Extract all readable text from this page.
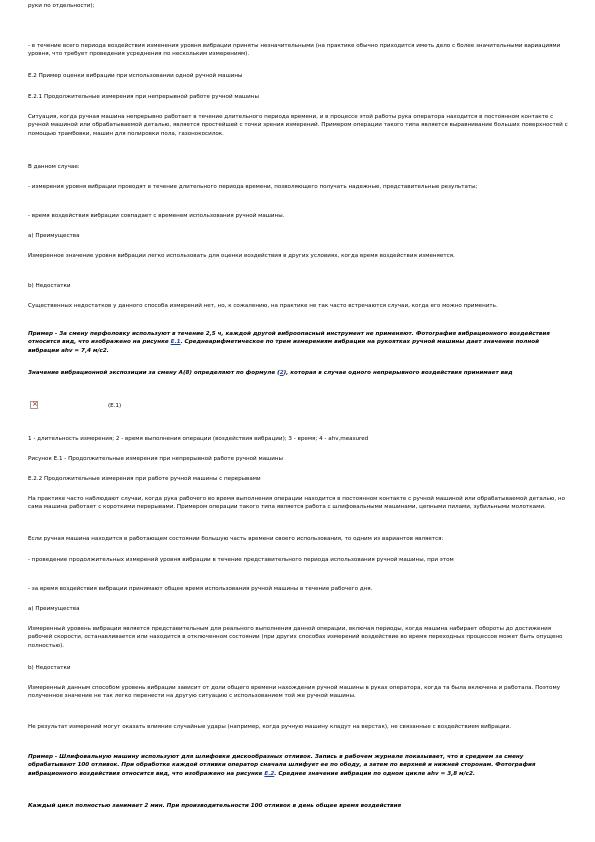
руки по отдельности);

- в течение всего периода воздействия изменения уровня вибрации приняты незначительными (на практике обычно приходится иметь дело с более значительными вариациями уровня, что требует проведения усреднения по нескольким измерениям).

Е.2 Пример оценки вибрации при использовании одной ручной машины

Е.2.1 Продолжительные измерения при непрерывной работе ручной машины

Ситуация, когда ручная машина непрерывно работает в течение длительного периода времени, и в процессе этой работы рука оператора находится в постоянном контакте с ручной машиной или обрабатываемой деталью, является простейшей с точки зрения измерений. Примером операции такого типа является выравнивание больших поверхностей с помощью трамбовки, машин для полировки пола, газонокосилок.

В данном случае:

- измерения уровня вибрации проводят в течение длительного периода времени, позволяющего получать надежные, представительные результаты;

- время воздействия вибрации совпадает с временем использования ручной машины.

а) Преимущества

Измеренное значение уровня вибрации легко использовать для оценки воздействия в других условиях, когда время воздействия изменяется.

b) Недостатки

Существенных недостатков у данного способа измерений нет, но, к сожалению, на практике не так часто встречаются случаи, когда его можно применить.

Пример - За смену перфоловку используют в течение 2,5 ч, каждой другой виброопасный инструмент не применяют. Фотография вибрационного воздействия относится вид, что изображено на рисунке Е.1. Среднеарифметическое по трем измерениям вибрации на рукоятках ручной машины дает значение полной вибрации аhv = 7,4 м/с2.

Значение вибрационной экспозиции за смену А(8) определяют по формуле (2), которая в случае одного непрерывного воздействия принимает вид

×
(Е.1)

1 - длительность измерения; 2 - время выполнения операции (воздействия вибрации); 3 - время; 4 - ahv,measured

Рисунок Е.1 - Продолжительные измерения при непрерывной работе ручной машины

Е.2.2 Продолжительные измерения при работе ручной машины с перерывами

На практике часто наблюдают случаи, когда рука рабочего во время выполнения операции находится в постоянном контакте с ручной машиной или обрабатываемой деталью, но сама машина работает с короткими перерывами. Примером операции такого типа является работа с шлифовальными машинами, цепными пилами, зубильными молотками.

Если ручная машина находится в работающем состоянии большую часть времени своего использования, то одним из вариантов является:

- проведение продолжительных измерений уровня вибрации в течение представительного периода использования ручной машины, при этом

- за время воздействия вибрации принимают общее время использования ручной машины в течение рабочего дня.

а) Преимущества

Измеренный уровень вибрации является представительным для реального выполнения данной операции, включая периоды, когда машина набирает обороты до достижения рабочей скорости, останавливается или находится в отключенном состоянии (при других способах измерений воздействие во время переходных процессов может быть опущено полностью).

b) Недостатки

Измеренный данным способом уровень вибрации зависит от доли общего времени нахождения ручной машины в руках оператора, когда та была включена и работала. Поэтому полученное значение не так легко перенести на другую ситуацию с использованием той же ручной машины.

Не результат измерений могут оказать влияние случайные удары (например, когда ручную машину кладут на верстак), не связанные с воздействием вибрации.

Пример - Шлифовальную машину используют для шлифовки дискообразных отливок. Запись в рабочем журнале показывает, что в среднем за смену обрабатывают 100 отливок. При обработке каждой отливки оператор сначала шлифует ее по ободу, а затем по верхней и нижней сторонам. Фотография вибрационного воздействия относится вид, что изображено на рисунке Е.2. Среднее значение вибрации по одном цикле аhv = 3,8 м/с2.

Каждый цикл полностью занимает 2 мин. При производительности 100 отливок в день общее время воздействия
